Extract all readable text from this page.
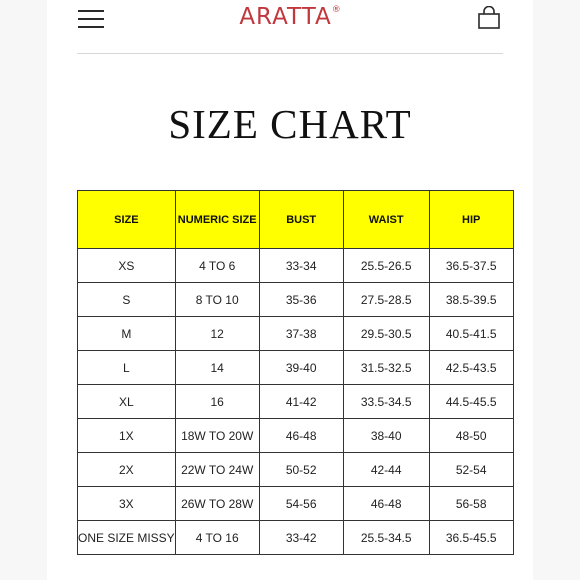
ARATTA®
SIZE CHART
SIZE	NUMERIC SIZE	BUST	WAIST	HIP
XS	4 TO 6	33-34	25.5-26.5	36.5-37.5
S	8 TO 10	35-36	27.5-28.5	38.5-39.5
M	12	37-38	29.5-30.5	40.5-41.5
L	14	39-40	31.5-32.5	42.5-43.5
XL	16	41-42	33.5-34.5	44.5-45.5
1X	18W TO 20W	46-48	38-40	48-50
2X	22W TO 24W	50-52	42-44	52-54
3X	26W TO 28W	54-56	46-48	56-58
ONE SIZE MISSY	4 TO 16	33-42	25.5-34.5	36.5-45.5
